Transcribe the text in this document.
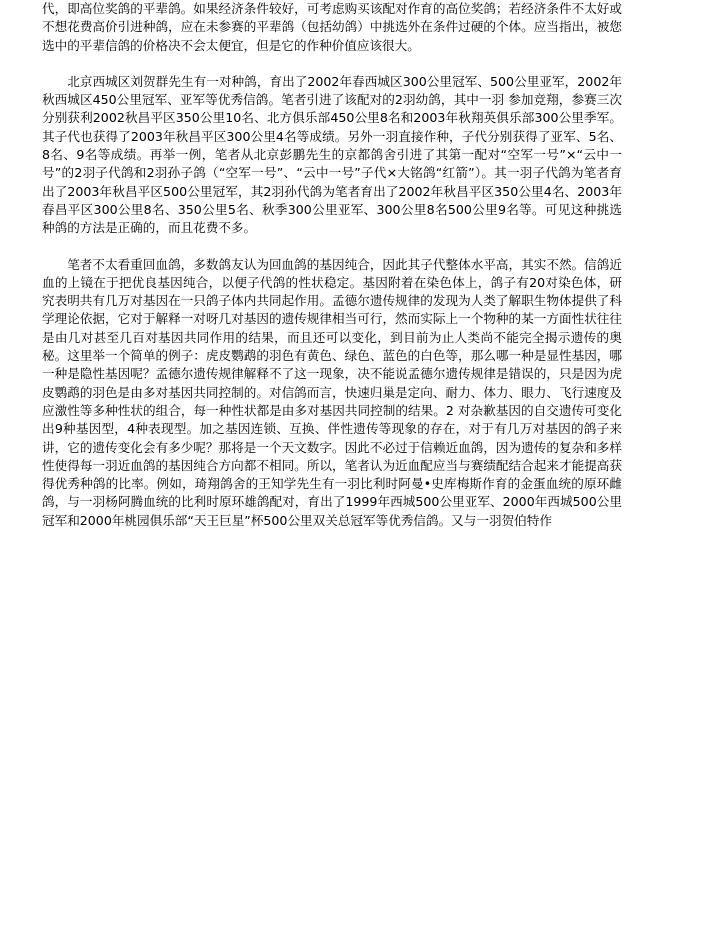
代，即高位奖鸽的平辈鸽。如果经济条件较好，可考虑购买该配对作育的高位奖鸽；若经济条件不太好或不想花费高价引进种鸽，应在未参赛的平辈鸽（包括幼鸽）中挑选外在条件过硬的个体。应当指出，被您选中的平辈信鸽的价格决不会太便宜，但是它的作种价值应该很大。

北京西城区刘贺群先生有一对种鸽，育出了2002年春西城区300公里冠军、500公里亚军，2002年秋西城区450公里冠军、亚军等优秀信鸽。笔者引进了该配对的2羽幼鸽，其中一羽 参加竞翔，参赛三次分别获利2002秋昌平区350公里10名、北方俱乐部450公里8名和2003年秋翔英俱乐部300公里季军。其子代也获得了2003年秋昌平区300公里4名等成绩。另外一羽直接作种，子代分别获得了亚军、5名、8名、9名等成绩。再举一例，笔者从北京彭鹏先生的京都鸽舍引进了其第一配对“空军一号”×“云中一号”的2羽子代鸽和2羽孙子鸽（“空军一号”、“云中一号”子代×大铭鸽“红箭”）。其一羽子代鸽为笔者育出了2003年秋昌平区500公里冠军，其2羽孙代鸽为笔者育出了2002年秋昌平区350公里4名、2003年春昌平区300公里8名、350公里5名、秋季300公里亚军、300公里8名500公里9名等。可见这种挑选种鸽的方法是正确的，而且花费不多。

笔者不太看重回血鸽，多数鸽友认为回血鸽的基因纯合，因此其子代整体水平高，其实不然。信鸽近血的上镜在于把优良基因纯合，以便子代鸽的性状稳定。基因附着在染色体上，鸽子有20对染色体，研究表明共有几万对基因在一只鸽子体内共同起作用。孟德尔遗传规律的发现为人类了解职生物体提供了科学理论依据，它对于解释一对呀几对基因的遗传规律相当可行，然而实际上一个物种的某一方面性状往往是由几对甚至几百对基因共同作用的结果，而且还可以变化，到目前为止人类尚不能完全揭示遗传的奥秘。这里举一个简单的例子：虎皮鹦鹉的羽色有黄色、绿色、蓝色的白色等，那么哪一种是显性基因，哪一种是隐性基因呢？孟德尔遗传规律解释不了这一现象，决不能说孟德尔遗传规律是错误的，只是因为虎皮鹦鹉的羽色是由多对基因共同控制的。对信鸽而言，快速归巢是定向、耐力、体力、眼力、飞行速度及应激性等多种性状的组合，每一种性状都是由多对基因共同控制的结果。2 对杂歉基因的自交遗传可变化出9种基因型，4种表现型。加之基因连锁、互换、伴性遗传等现象的存在，对于有几万对基因的鸽子来讲，它的遗传变化会有多少呢？那将是一个天文数字。因此不必过于信赖近血鸽，因为遗传的复杂和多样性使得每一羽近血鸽的基因纯合方向都不相同。所以，笔者认为近血配应当与赛绩配结合起来才能提高获得优秀种鸽的比率。例如，琦翔鸽舍的王知学先生有一羽比利时阿曼•史库梅斯作育的金蛋血统的原环雌鸽，与一羽杨阿腾血统的比利时原环雄鸽配对，育出了1999年西城500公里亚军、2000年西城500公里冠军和2000年桃园俱乐部“天王巨星”杯500公里双关总冠军等优秀信鸽。又与一羽贺伯特作
